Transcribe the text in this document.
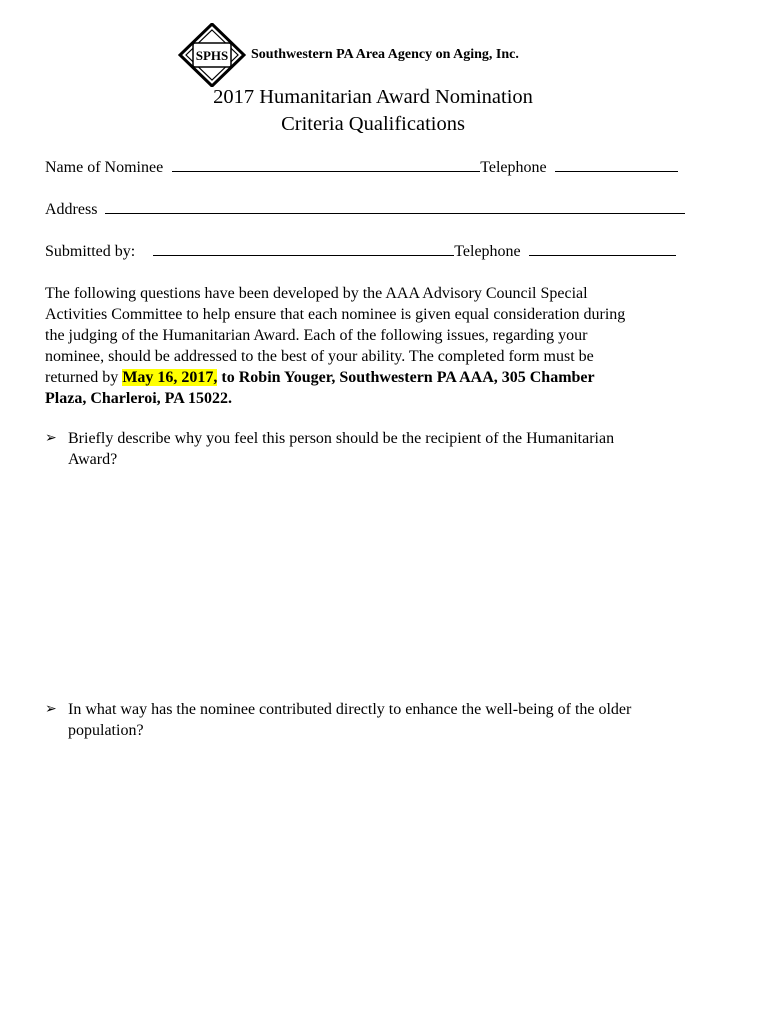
SPHS Southwestern PA Area Agency on Aging, Inc.
2017 Humanitarian Award Nomination
Criteria Qualifications
Name of Nominee	Telephone
Address
Submitted by:	Telephone
The following questions have been developed by the AAA Advisory Council Special
Activities Committee to help ensure that each nominee is given equal consideration during
the judging of the Humanitarian Award. Each of the following issues, regarding your
nominee, should be addressed to the best of your ability. The completed form must be
returned by May 16, 2017, to Robin Youger, Southwestern PA AAA, 305 Chamber
Plaza, Charleroi, PA 15022.
➢ Briefly describe why you feel this person should be the recipient of the Humanitarian
Award?
➢ In what way has the nominee contributed directly to enhance the well-being of the older
population?
